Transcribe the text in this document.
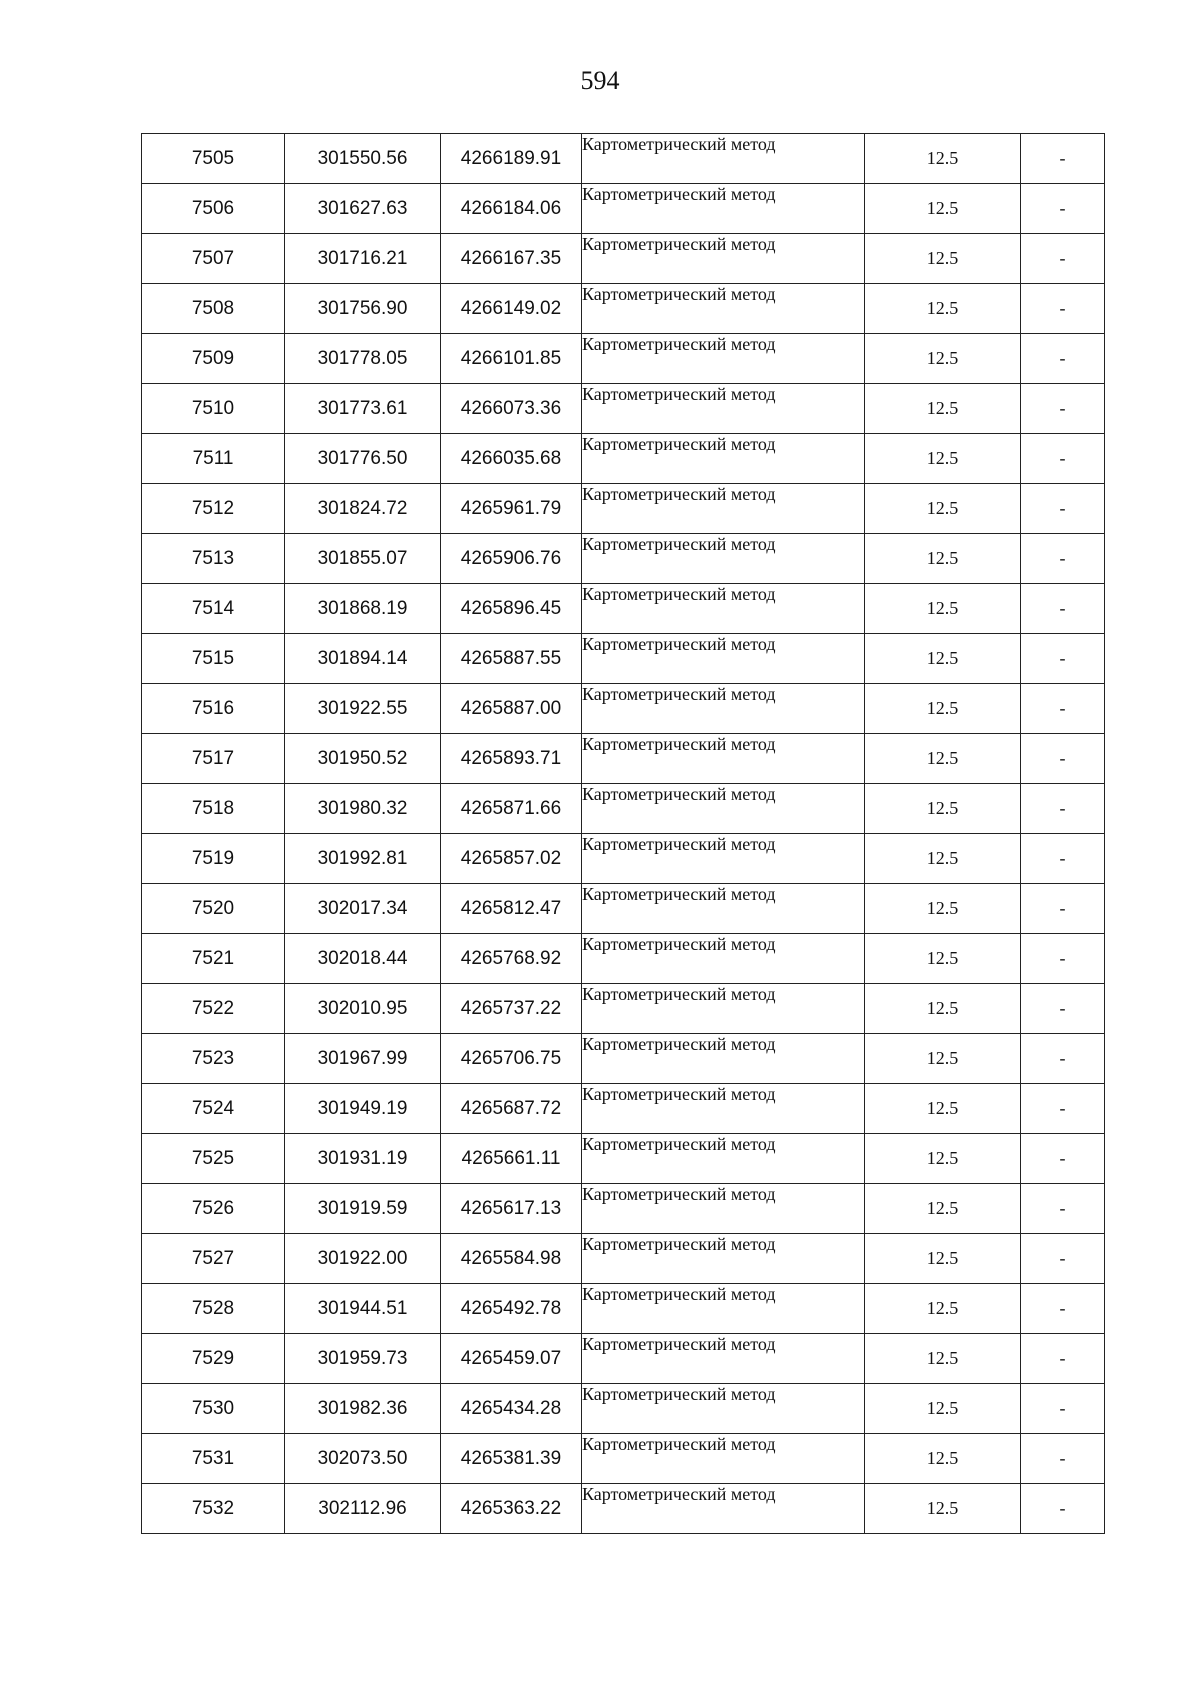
594
7505	301550.56	4266189.91	Картометрический метод	12.5	-
7506	301627.63	4266184.06	Картометрический метод	12.5	-
7507	301716.21	4266167.35	Картометрический метод	12.5	-
7508	301756.90	4266149.02	Картометрический метод	12.5	-
7509	301778.05	4266101.85	Картометрический метод	12.5	-
7510	301773.61	4266073.36	Картометрический метод	12.5	-
7511	301776.50	4266035.68	Картометрический метод	12.5	-
7512	301824.72	4265961.79	Картометрический метод	12.5	-
7513	301855.07	4265906.76	Картометрический метод	12.5	-
7514	301868.19	4265896.45	Картометрический метод	12.5	-
7515	301894.14	4265887.55	Картометрический метод	12.5	-
7516	301922.55	4265887.00	Картометрический метод	12.5	-
7517	301950.52	4265893.71	Картометрический метод	12.5	-
7518	301980.32	4265871.66	Картометрический метод	12.5	-
7519	301992.81	4265857.02	Картометрический метод	12.5	-
7520	302017.34	4265812.47	Картометрический метод	12.5	-
7521	302018.44	4265768.92	Картометрический метод	12.5	-
7522	302010.95	4265737.22	Картометрический метод	12.5	-
7523	301967.99	4265706.75	Картометрический метод	12.5	-
7524	301949.19	4265687.72	Картометрический метод	12.5	-
7525	301931.19	4265661.11	Картометрический метод	12.5	-
7526	301919.59	4265617.13	Картометрический метод	12.5	-
7527	301922.00	4265584.98	Картометрический метод	12.5	-
7528	301944.51	4265492.78	Картометрический метод	12.5	-
7529	301959.73	4265459.07	Картометрический метод	12.5	-
7530	301982.36	4265434.28	Картометрический метод	12.5	-
7531	302073.50	4265381.39	Картометрический метод	12.5	-
7532	302112.96	4265363.22	Картометрический метод	12.5	-
